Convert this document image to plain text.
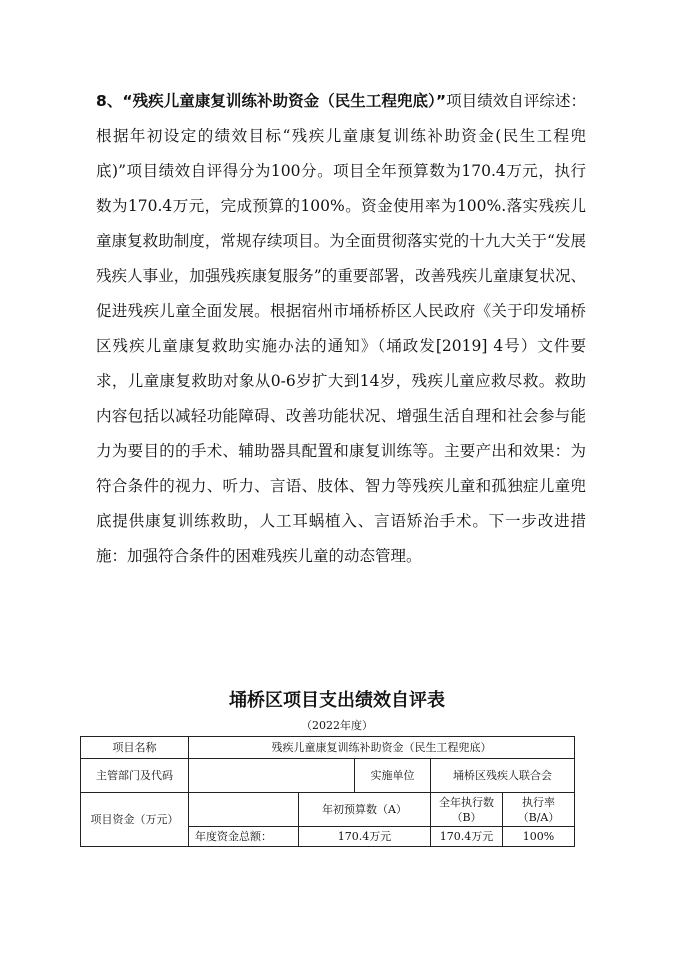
8、“残疾儿童康复训练补助资金（民生工程兜底）”项目绩效自评综述：根据年初设定的绩效目标“残疾儿童康复训练补助资金(民生工程兜底)”项目绩效自评得分为100分。项目全年预算数为170.4万元，执行数为170.4万元，完成预算的100%。资金使用率为100%.落实残疾儿童康复救助制度，常规存续项目。为全面贯彻落实党的十九大关于“发展残疾人事业，加强残疾康复服务”的重要部署，改善残疾儿童康复状况、促进残疾儿童全面发展。根据宿州市埇桥桥区人民政府《关于印发埇桥区残疾儿童康复救助实施办法的通知》（埇政发[2019] 4号）文件要求，儿童康复救助对象从0-6岁扩大到14岁，残疾儿童应救尽救。救助内容包括以减轻功能障碍、改善功能状况、增强生活自理和社会参与能力为要目的的手术、辅助器具配置和康复训练等。主要产出和效果：为符合条件的视力、听力、言语、肢体、智力等残疾儿童和孤独症儿童兜底提供康复训练救助，人工耳蜗植入、言语矫治手术。下一步改进措施：加强符合条件的困难残疾儿童的动态管理。

埇桥区项目支出绩效自评表
（2022年度）
项目名称	残疾儿童康复训练补助资金（民生工程兜底）				
主管部门及代码			实施单位	埇桥区残疾人联合会	
项目资金（万元）		年初预算数（A）		全年执行数（B）	执行率（B/A）
	年度资金总额：	170.4万元		170.4万元	100%
